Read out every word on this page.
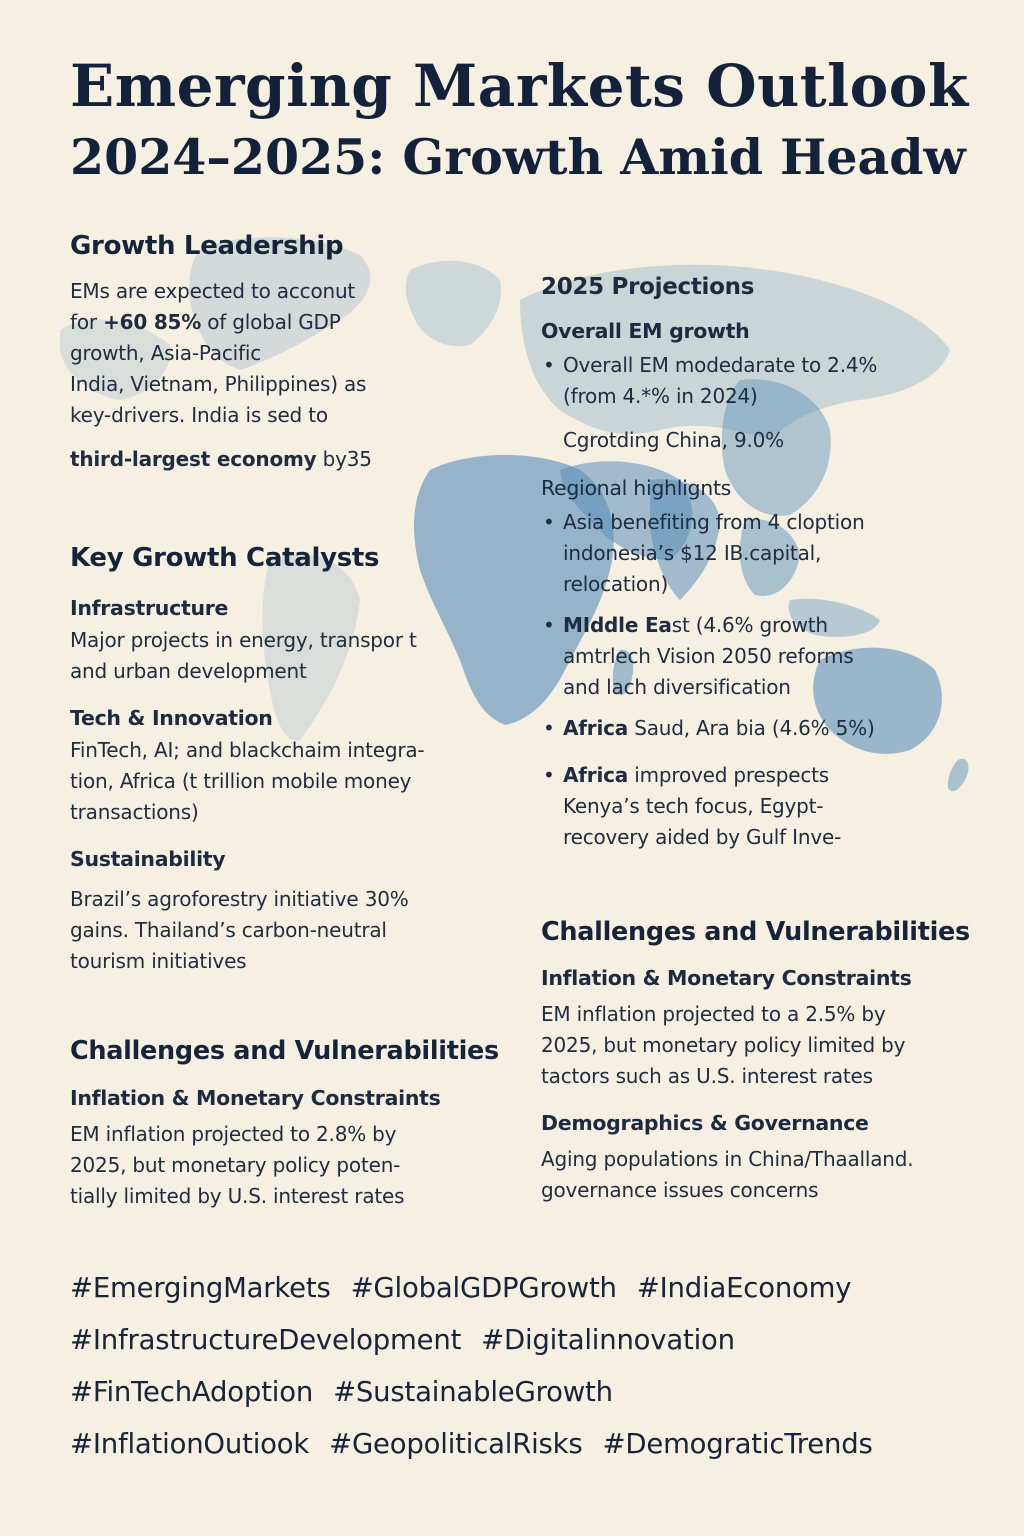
Emerging Markets Outlook
2024–2025: Growth Amid Headw
Growth Leadership

EMs are expected to acconut

for +60 85% of global GDP

growth, Asia-Pacific

India, Vietnam, Philippines) as

key-drivers. India is sed to

third-largest economy by35

Key Growth Catalysts
Infrastructure

Major projects in energy, transpor t

and urban development

Tech & Innovation

FinTech, AI; and blackchaim integra-

tion, Africa (t trillion mobile money

transactions)

Sustainability

Brazil’s agroforestry initiative 30%

gains. Thailand’s carbon-neutral

tourism initiatives

Challenges and Vulnerabilities
Inflation & Monetary Constraints

EM inflation projected to 2.8% by

2025, but monetary policy poten-

tially limited by U.S. interest rates

2025 Projections
Overall EM growth
• Overall EM modedarate to 2.4%
(from 4.*% in 2024)

Cgrotding China, 9.0%

Regional highlignts
• Asia benefiting from 4 cloption
indonesia’s $12 ⅠB.capital,
relocation)
• MIddle East (4.6% growth
amtrlech Vision 2050 reforms
and lach diversification
• Africa Saud, Ara bia (4.6% 5%)
• Africa improved prespects
Kenya’s tech focus, Egypt-
recovery aided by Gulf Inve-
Challenges and Vulnerabilities
Inflation & Monetary Constraints

EM inflation projected to a 2.5% by

2025, but monetary policy limited by

tactors such as U.S. interest rates

Demographics & Governance

Aging populations in China/Thaalland.

governance issues concerns

#EmergingMarkets #GlobalGDPGrowth #IndiaEconomy
#InfrastructureDevelopment #Digitalinnovation
#FinTechAdoption #SustainableGrowth
#InflationOutiook #GeopoliticalRisks #DemograticTrends
